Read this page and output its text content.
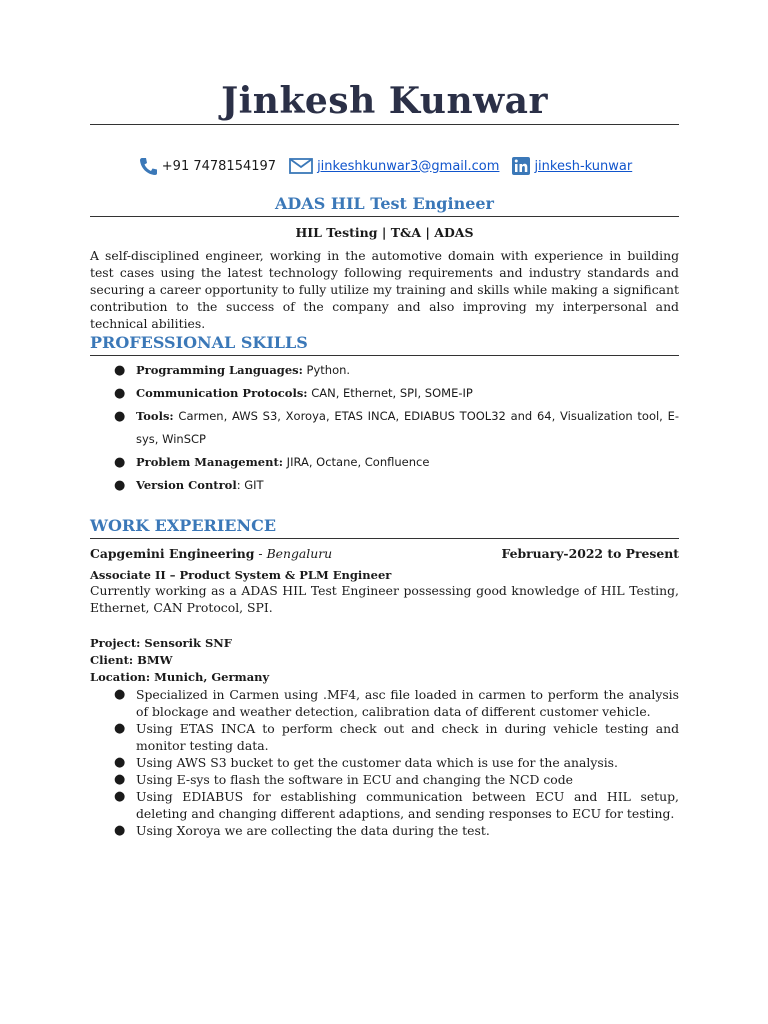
Jinkesh Kunwar
+91 7478154197	jinkeshkunwar3@gmail.com	jinkesh-kunwar
ADAS HIL Test Engineer
HIL Testing | T&A | ADAS
A self-disciplined engineer, working in the automotive domain with experience in building test cases using the latest technology following requirements and industry standards and securing a career opportunity to fully utilize my training and skills while making a significant contribution to the success of the company and also improving my interpersonal and technical abilities.
PROFESSIONAL SKILLS
● Programming Languages: Python.
● Communication Protocols: CAN, Ethernet, SPI, SOME-IP
● Tools: Carmen, AWS S3, Xoroya, ETAS INCA, EDIABUS TOOL32 and 64, Visualization tool, E-sys, WinSCP
● Problem Management: JIRA, Octane, Confluence
● Version Control: GIT
WORK EXPERIENCE
Capgemini Engineering - Bengaluru	February-2022 to Present
Associate II – Product System & PLM Engineer
Currently working as a ADAS HIL Test Engineer possessing good knowledge of HIL Testing, Ethernet, CAN Protocol, SPI.
Project: Sensorik SNF
Client: BMW
Location: Munich, Germany
● Specialized in Carmen using .MF4, asc file loaded in carmen to perform the analysis of blockage and weather detection, calibration data of different customer vehicle.
● Using ETAS INCA to perform check out and check in during vehicle testing and monitor testing data.
● Using AWS S3 bucket to get the customer data which is use for the analysis.
● Using E-sys to flash the software in ECU and changing the NCD code
● Using EDIABUS for establishing communication between ECU and HIL setup, deleting and changing different adaptions, and sending responses to ECU for testing.
● Using Xoroya we are collecting the data during the test.
